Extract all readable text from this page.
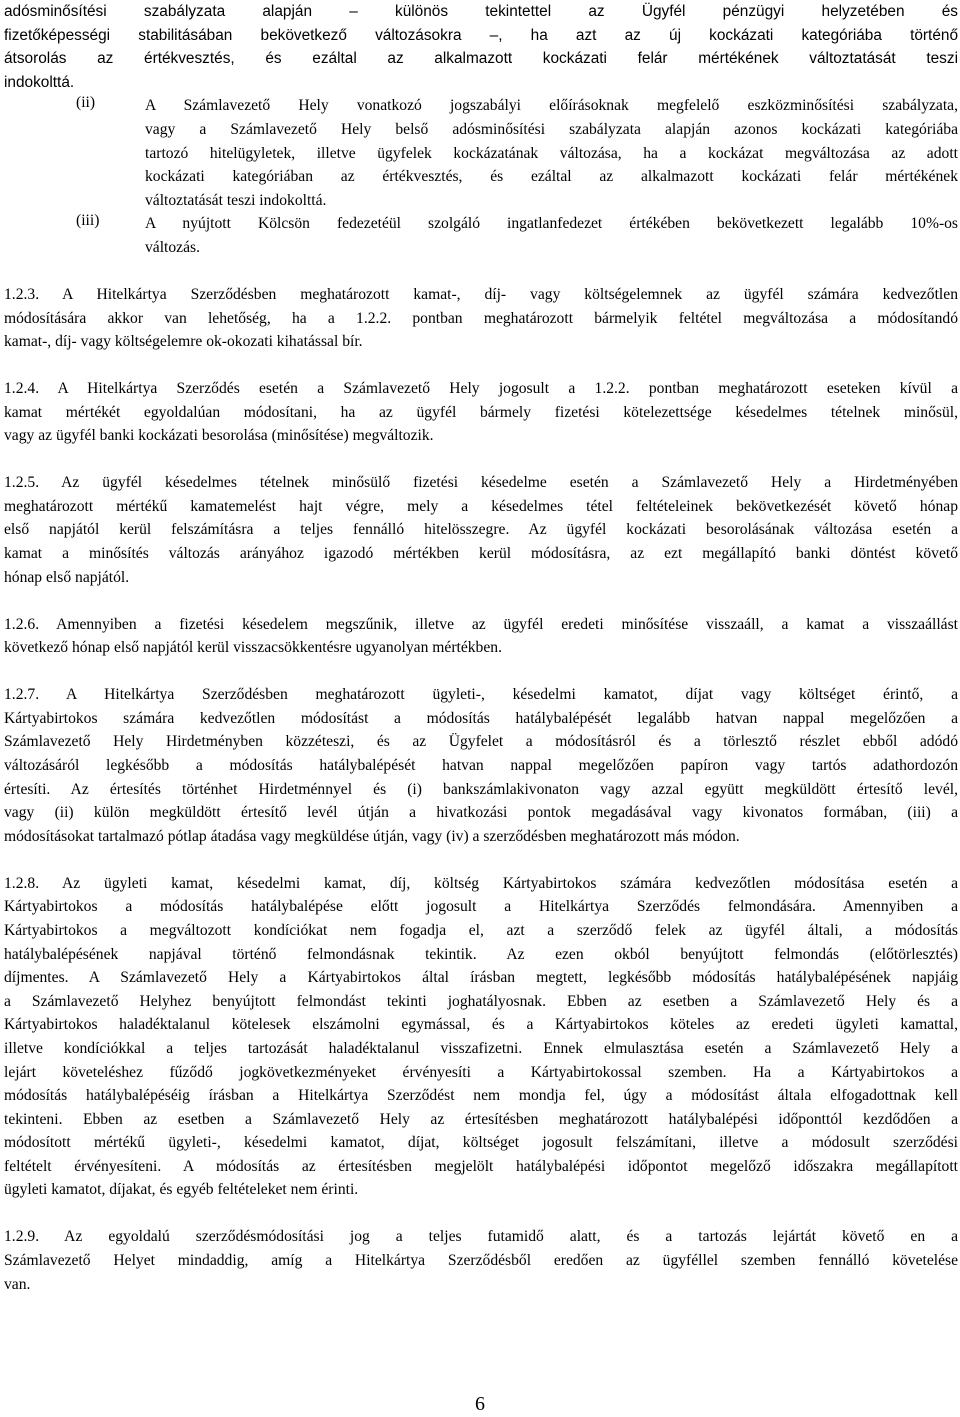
adósminősítési szabályzata alapján – különös tekintettel az Ügyfél pénzügyi helyzetében és
fizetőképességi stabilitásában bekövetkező változásokra –, ha azt az új kockázati kategóriába történő
átsorolás az értékvesztés, és ezáltal az alkalmazott kockázati felár mértékének változtatását teszi
indokolttá.
(ii)	A Számlavezető Hely vonatkozó jogszabályi előírásoknak megfelelő eszközminősítési szabályzata,
vagy a Számlavezető Hely belső adósminősítési szabályzata alapján azonos kockázati kategóriába
tartozó hitelügyletek, illetve ügyfelek kockázatának változása, ha a kockázat megváltozása az adott
kockázati kategóriában az értékvesztés, és ezáltal az alkalmazott kockázati felár mértékének
változtatását teszi indokolttá.
(iii)	A nyújtott Kölcsön fedezetéül szolgáló ingatlanfedezet értékében bekövetkezett legalább 10%-os
változás.
1.2.3. A Hitelkártya Szerződésben meghatározott kamat-, díj- vagy költségelemnek az ügyfél számára kedvezőtlen
módosítására akkor van lehetőség, ha a 1.2.2. pontban meghatározott bármelyik feltétel megváltozása a módosítandó
kamat-, díj- vagy költségelemre ok-okozati kihatással bír.
1.2.4. A Hitelkártya Szerződés esetén a Számlavezető Hely jogosult a 1.2.2. pontban meghatározott eseteken kívül a
kamat mértékét egyoldalúan módosítani, ha az ügyfél bármely fizetési kötelezettsége késedelmes tételnek minősül,
vagy az ügyfél banki kockázati besorolása (minősítése) megváltozik.
1.2.5. Az ügyfél késedelmes tételnek minősülő fizetési késedelme esetén a Számlavezető Hely a Hirdetményében
meghatározott mértékű kamatemelést hajt végre, mely a késedelmes tétel feltételeinek bekövetkezését követő hónap
első napjától kerül felszámításra a teljes fennálló hitelösszegre. Az ügyfél kockázati besorolásának változása esetén a
kamat a minősítés változás arányához igazodó mértékben kerül módosításra, az ezt megállapító banki döntést követő
hónap első napjától.
1.2.6. Amennyiben a fizetési késedelem megszűnik, illetve az ügyfél eredeti minősítése visszaáll, a kamat a visszaállást
következő hónap első napjától kerül visszacsökkentésre ugyanolyan mértékben.
1.2.7. A Hitelkártya Szerződésben meghatározott ügyleti-, késedelmi kamatot, díjat vagy költséget érintő, a
Kártyabirtokos számára kedvezőtlen módosítást a módosítás hatálybalépését legalább hatvan nappal megelőzően a
Számlavezető Hely Hirdetményben közzéteszi, és az Ügyfelet a módosításról és a törlesztő részlet ebből adódó
változásáról legkésőbb a módosítás hatálybalépését hatvan nappal megelőzően papíron vagy tartós adathordozón
értesíti. Az értesítés történhet Hirdetménnyel és (i) bankszámlakivonaton vagy azzal együtt megküldött értesítő levél,
vagy (ii) külön megküldött értesítő levél útján a hivatkozási pontok megadásával vagy kivonatos formában, (iii) a
módosításokat tartalmazó pótlap átadása vagy megküldése útján, vagy (iv) a szerződésben meghatározott más módon.
1.2.8. Az ügyleti kamat, késedelmi kamat, díj, költség Kártyabirtokos számára kedvezőtlen módosítása esetén a
Kártyabirtokos a módosítás hatálybalépése előtt jogosult a Hitelkártya Szerződés felmondására. Amennyiben a
Kártyabirtokos a megváltozott kondíciókat nem fogadja el, azt a szerződő felek az ügyfél általi, a módosítás
hatálybalépésének napjával történő felmondásnak tekintik. Az ezen okból benyújtott felmondás (előtörlesztés)
díjmentes. A Számlavezető Hely a Kártyabirtokos által írásban megtett, legkésőbb módosítás hatálybalépésének napjáig
a Számlavezető Helyhez benyújtott felmondást tekinti joghatályosnak. Ebben az esetben a Számlavezető Hely és a
Kártyabirtokos haladéktalanul kötelesek elszámolni egymással, és a Kártyabirtokos köteles az eredeti ügyleti kamattal,
illetve kondíciókkal a teljes tartozását haladéktalanul visszafizetni. Ennek elmulasztása esetén a Számlavezető Hely a
lejárt követeléshez fűződő jogkövetkezményeket érvényesíti a Kártyabirtokossal szemben. Ha a Kártyabirtokos a
módosítás hatálybalépéséig írásban a Hitelkártya Szerződést nem mondja fel, úgy a módosítást általa elfogadottnak kell
tekinteni. Ebben az esetben a Számlavezető Hely az értesítésben meghatározott hatálybalépési időponttól kezdődően a
módosított mértékű ügyleti-, késedelmi kamatot, díjat, költséget jogosult felszámítani, illetve a módosult szerződési
feltételt érvényesíteni. A módosítás az értesítésben megjelölt hatálybalépési időpontot megelőző időszakra megállapított
ügyleti kamatot, díjakat, és egyéb feltételeket nem érinti.
1.2.9. Az egyoldalú szerződésmódosítási jog a teljes futamidő alatt, és a tartozás lejártát követő en a
Számlavezető Helyet mindaddig, amíg a Hitelkártya Szerződésből eredően az ügyféllel szemben fennálló követelése
van.
6
